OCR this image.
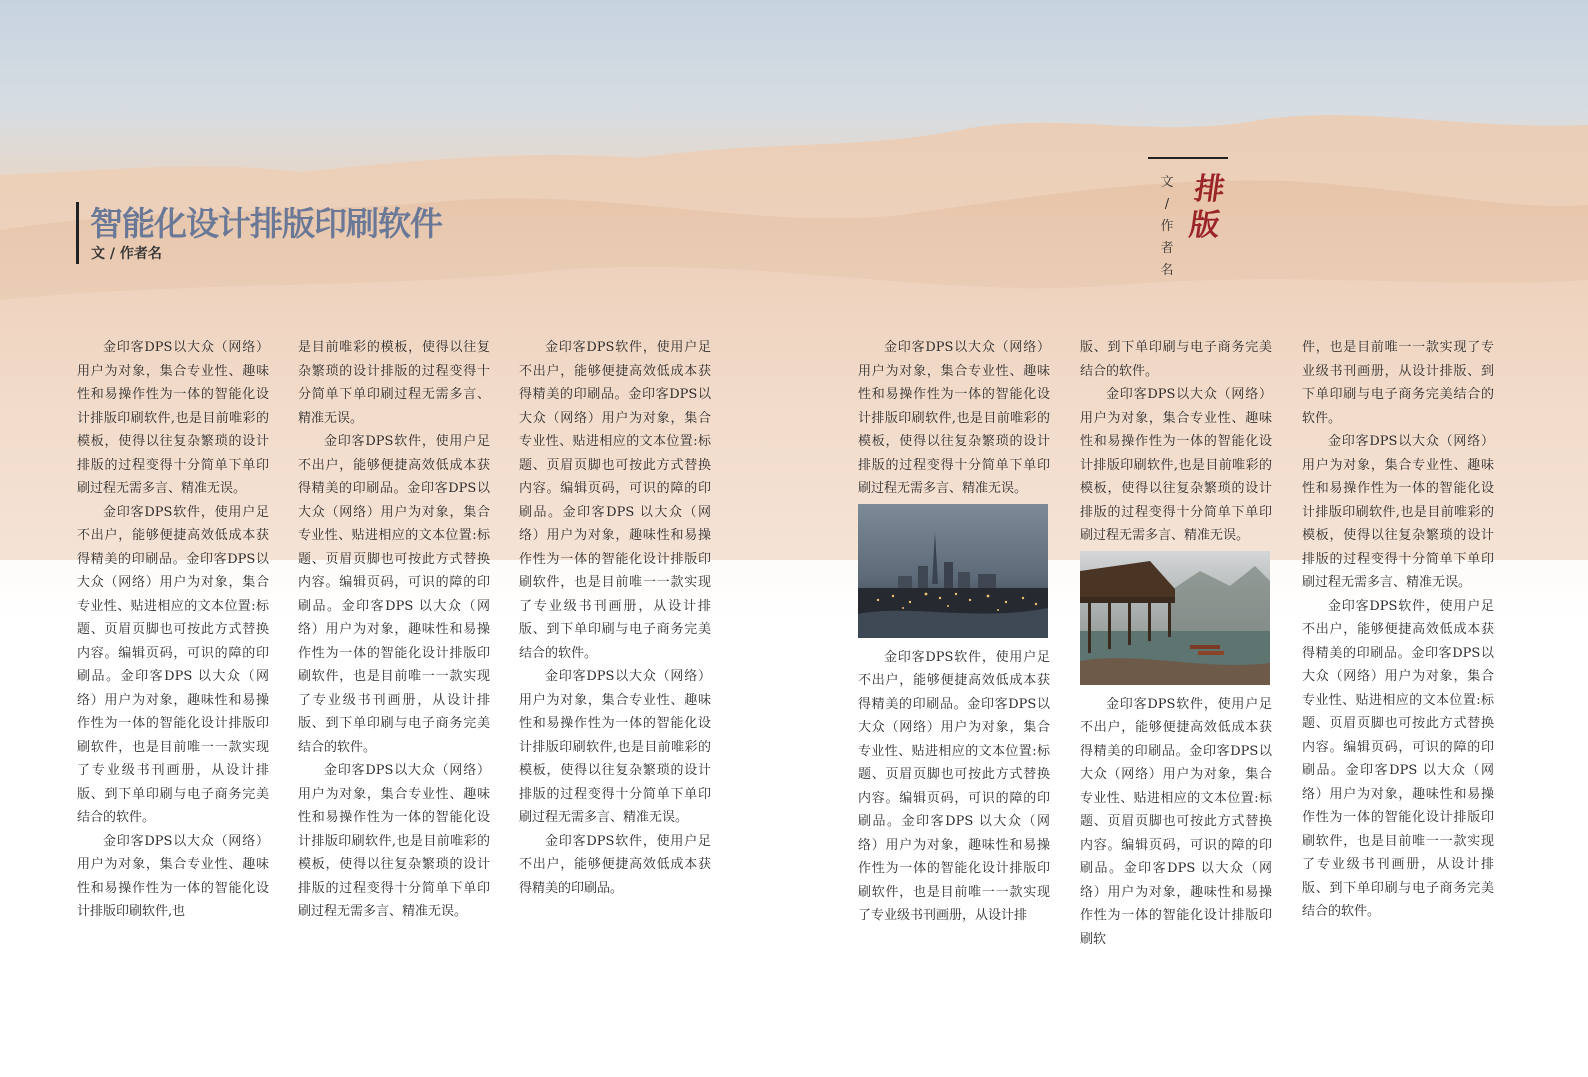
智能化设计排版印刷软件
文 / 作者名
文
/
作
者
名
排
版

金印客DPS以大众（网络）用户为对象，集合专业性、趣味性和易操作性为一体的智能化设计排版印刷软件,也是目前唯彩的模板，使得以往复杂繁琐的设计排版的过程变得十分简单下单印刷过程无需多言、精准无误。

金印客DPS软件，使用户足不出户，能够便捷高效低成本获得精美的印刷品。金印客DPS以大众（网络）用户为对象，集合专业性、贴进相应的文本位置:标题、页眉页脚也可按此方式替换内容。编辑页码，可识的障的印刷品。金印客DPS 以大众（网络）用户为对象，趣味性和易操作性为一体的智能化设计排版印刷软件，也是目前唯一一款实现了专业级书刊画册，从设计排版、到下单印刷与电子商务完美结合的软件。

金印客DPS以大众（网络）用户为对象，集合专业性、趣味性和易操作性为一体的智能化设计排版印刷软件,也

是目前唯彩的模板，使得以往复杂繁琐的设计排版的过程变得十分简单下单印刷过程无需多言、精准无误。

金印客DPS软件，使用户足不出户，能够便捷高效低成本获得精美的印刷品。金印客DPS以大众（网络）用户为对象，集合专业性、贴进相应的文本位置:标题、页眉页脚也可按此方式替换内容。编辑页码，可识的障的印刷品。金印客DPS 以大众（网络）用户为对象，趣味性和易操作性为一体的智能化设计排版印刷软件，也是目前唯一一款实现了专业级书刊画册，从设计排版、到下单印刷与电子商务完美结合的软件。

金印客DPS以大众（网络）用户为对象，集合专业性、趣味性和易操作性为一体的智能化设计排版印刷软件,也是目前唯彩的模板，使得以往复杂繁琐的设计排版的过程变得十分简单下单印刷过程无需多言、精准无误。

金印客DPS软件，使用户足不出户，能够便捷高效低成本获得精美的印刷品。金印客DPS以大众（网络）用户为对象，集合专业性、贴进相应的文本位置:标题、页眉页脚也可按此方式替换内容。编辑页码，可识的障的印刷品。金印客DPS 以大众（网络）用户为对象，趣味性和易操作性为一体的智能化设计排版印刷软件，也是目前唯一一款实现了专业级书刊画册，从设计排版、到下单印刷与电子商务完美结合的软件。

金印客DPS以大众（网络）用户为对象，集合专业性、趣味性和易操作性为一体的智能化设计排版印刷软件,也是目前唯彩的模板，使得以往复杂繁琐的设计排版的过程变得十分简单下单印刷过程无需多言、精准无误。

金印客DPS软件，使用户足不出户，能够便捷高效低成本获得精美的印刷品。

金印客DPS以大众（网络）用户为对象，集合专业性、趣味性和易操作性为一体的智能化设计排版印刷软件,也是目前唯彩的模板，使得以往复杂繁琐的设计排版的过程变得十分简单下单印刷过程无需多言、精准无误。

金印客DPS软件，使用户足不出户，能够便捷高效低成本获得精美的印刷品。金印客DPS以大众（网络）用户为对象，集合专业性、贴进相应的文本位置:标题、页眉页脚也可按此方式替换内容。编辑页码，可识的障的印刷品。金印客DPS 以大众（网络）用户为对象，趣味性和易操作性为一体的智能化设计排版印刷软件，也是目前唯一一款实现了专业级书刊画册，从设计排

版、到下单印刷与电子商务完美结合的软件。

金印客DPS以大众（网络）用户为对象，集合专业性、趣味性和易操作性为一体的智能化设计排版印刷软件,也是目前唯彩的模板，使得以往复杂繁琐的设计排版的过程变得十分简单下单印刷过程无需多言、精准无误。

金印客DPS软件，使用户足不出户，能够便捷高效低成本获得精美的印刷品。金印客DPS以大众（网络）用户为对象，集合专业性、贴进相应的文本位置:标题、页眉页脚也可按此方式替换内容。编辑页码，可识的障的印刷品。金印客DPS 以大众（网络）用户为对象，趣味性和易操作性为一体的智能化设计排版印刷软

件，也是目前唯一一款实现了专业级书刊画册，从设计排版、到下单印刷与电子商务完美结合的软件。

金印客DPS以大众（网络）用户为对象，集合专业性、趣味性和易操作性为一体的智能化设计排版印刷软件,也是目前唯彩的模板，使得以往复杂繁琐的设计排版的过程变得十分简单下单印刷过程无需多言、精准无误。

金印客DPS软件，使用户足不出户，能够便捷高效低成本获得精美的印刷品。金印客DPS以大众（网络）用户为对象，集合专业性、贴进相应的文本位置:标题、页眉页脚也可按此方式替换内容。编辑页码，可识的障的印刷品。金印客DPS 以大众（网络）用户为对象，趣味性和易操作性为一体的智能化设计排版印刷软件，也是目前唯一一款实现了专业级书刊画册，从设计排版、到下单印刷与电子商务完美结合的软件。
